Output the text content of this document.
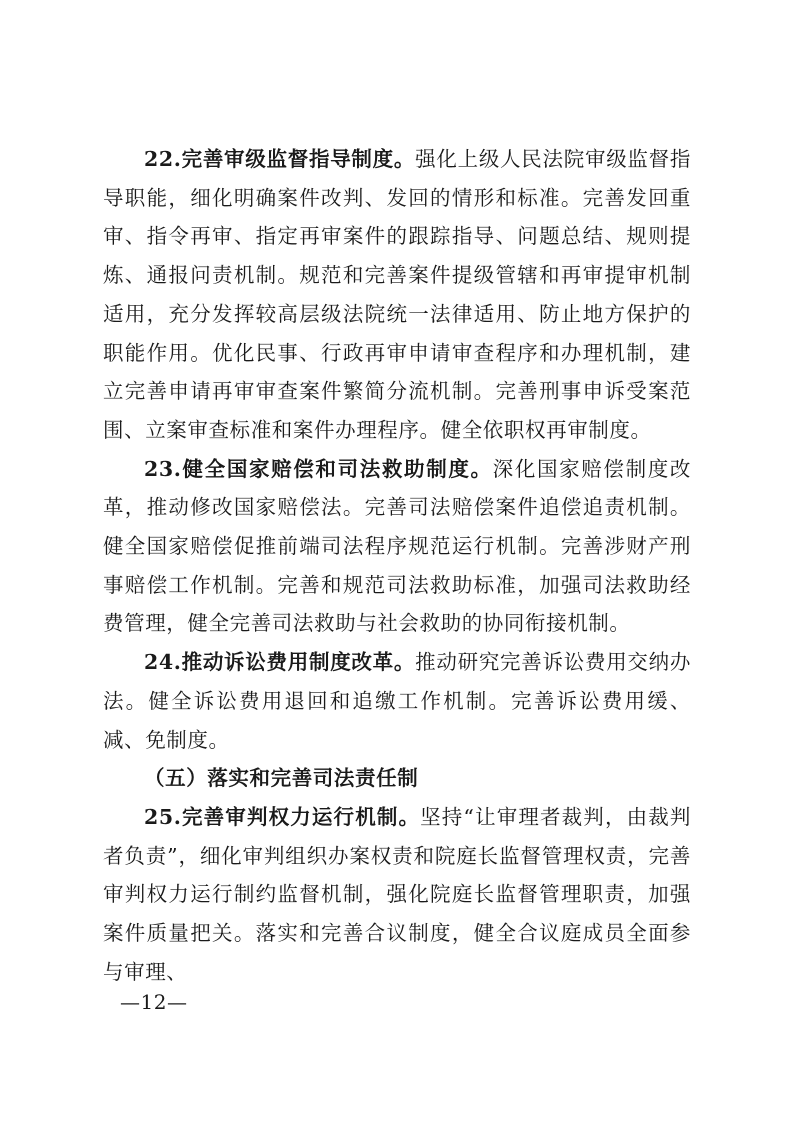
22.完善审级监督指导制度。强化上级人民法院审级监督指导职能，细化明确案件改判、发回的情形和标准。完善发回重审、指令再审、指定再审案件的跟踪指导、问题总结、规则提炼、通报问责机制。规范和完善案件提级管辖和再审提审机制适用，充分发挥较高层级法院统一法律适用、防止地方保护的职能作用。优化民事、行政再审申请审查程序和办理机制，建立完善申请再审审查案件繁简分流机制。完善刑事申诉受案范围、立案审查标准和案件办理程序。健全依职权再审制度。

23.健全国家赔偿和司法救助制度。深化国家赔偿制度改革，推动修改国家赔偿法。完善司法赔偿案件追偿追责机制。健全国家赔偿促推前端司法程序规范运行机制。完善涉财产刑事赔偿工作机制。完善和规范司法救助标准，加强司法救助经费管理，健全完善司法救助与社会救助的协同衔接机制。

24.推动诉讼费用制度改革。推动研究完善诉讼费用交纳办法。健全诉讼费用退回和追缴工作机制。完善诉讼费用缓、减、免制度。

（五）落实和完善司法责任制

25.完善审判权力运行机制。坚持“让审理者裁判，由裁判者负责”，细化审判组织办案权责和院庭长监督管理权责，完善审判权力运行制约监督机制，强化院庭长监督管理职责，加强案件质量把关。落实和完善合议制度，健全合议庭成员全面参与审理、

—12—
